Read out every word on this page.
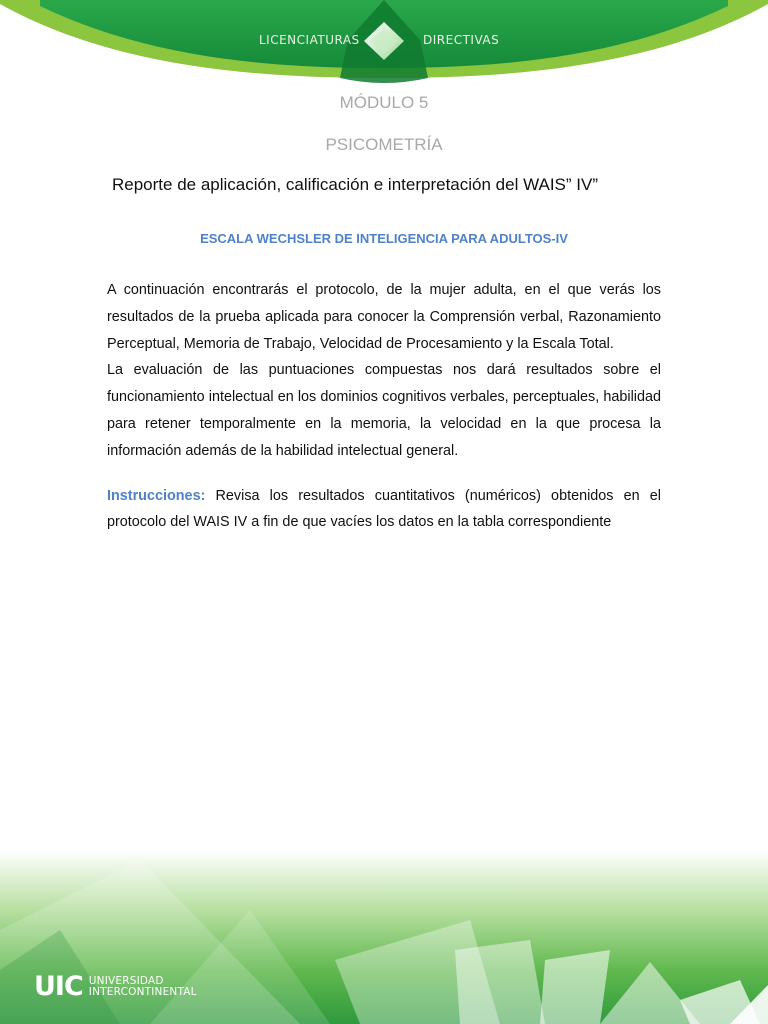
LICENCIATURAS	DIRECTIVAS
MÓDULO 5
PSICOMETRÍA
Reporte de aplicación, calificación e interpretación del WAIS” IV”
ESCALA WECHSLER DE INTELIGENCIA PARA ADULTOS-IV

A continuación encontrarás el protocolo, de la mujer adulta, en el que verás los resultados de la prueba aplicada para conocer la Comprensión verbal, Razonamiento Perceptual, Memoria de Trabajo, Velocidad de Procesamiento y la Escala Total.

La evaluación de las puntuaciones compuestas nos dará resultados sobre el funcionamiento intelectual en los dominios cognitivos verbales, perceptuales, habilidad para retener temporalmente en la memoria, la velocidad en la que procesa la información además de la habilidad intelectual general.

Instrucciones: Revisa los resultados cuantitativos (numéricos) obtenidos en el protocolo del WAIS IV a fin de que vacíes los datos en la tabla correspondiente

UIC UNIVERSIDAD
INTERCONTINENTAL
